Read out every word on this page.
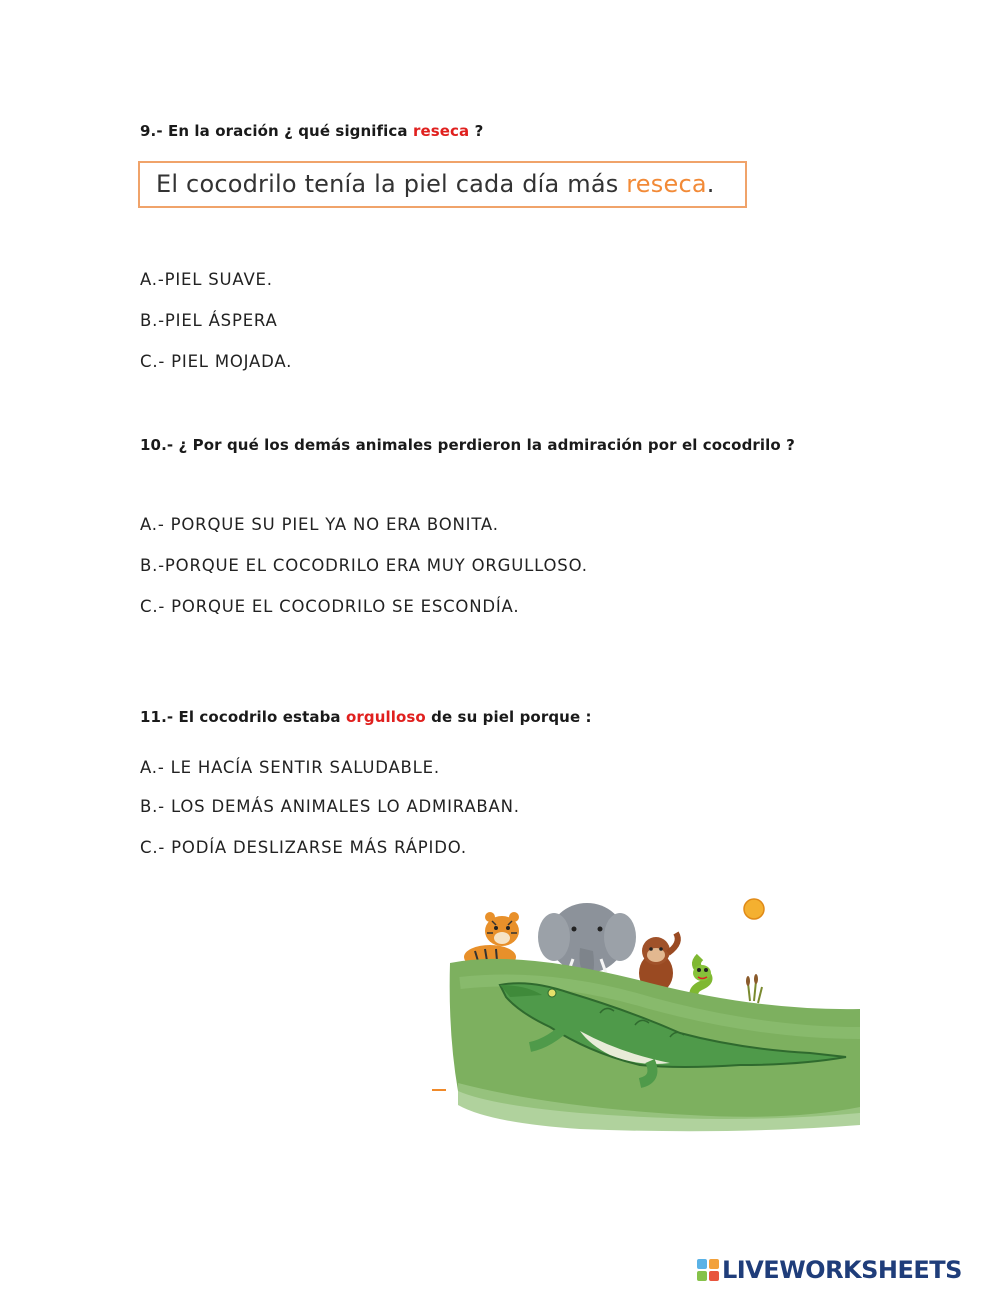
9.- En la oración ¿ qué significa reseca ?
El cocodrilo tenía la piel cada día más reseca.
A.-PIEL SUAVE.
B.-PIEL ÁSPERA
C.- PIEL MOJADA.
10.- ¿ Por qué los demás animales perdieron la admiración por el cocodrilo ?
A.- PORQUE SU PIEL YA NO ERA BONITA.
B.-PORQUE EL COCODRILO ERA MUY ORGULLOSO.
C.- PORQUE EL COCODRILO SE ESCONDÍA.
11.- El cocodrilo estaba orgulloso de su piel porque :
A.- LE HACÍA SENTIR SALUDABLE.
B.- LOS DEMÁS ANIMALES LO ADMIRABAN.
C.- PODÍA DESLIZARSE MÁS RÁPIDO.
LIVEWORKSHEETS
